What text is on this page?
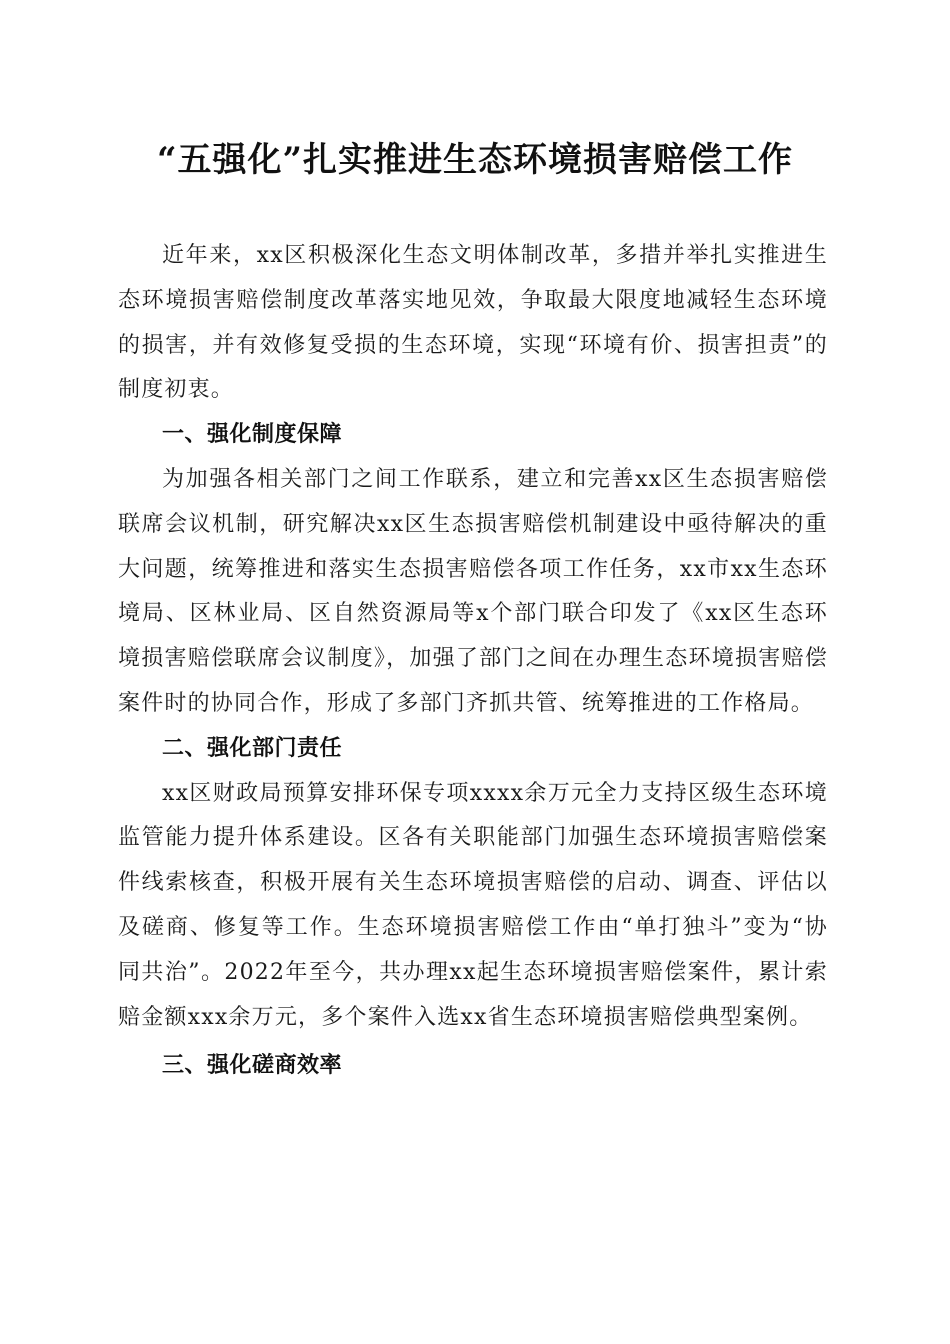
“五强化”扎实推进生态环境损害赔偿工作

近年来，xx区积极深化生态文明体制改革，多措并举扎实推进生态环境损害赔偿制度改革落实地见效，争取最大限度地减轻生态环境的损害，并有效修复受损的生态环境，实现“环境有价、损害担责”的制度初衷。

一、强化制度保障

为加强各相关部门之间工作联系，建立和完善xx区生态损害赔偿联席会议机制，研究解决xx区生态损害赔偿机制建设中亟待解决的重大问题，统筹推进和落实生态损害赔偿各项工作任务，xx市xx生态环境局、区林业局、区自然资源局等x个部门联合印发了《xx区生态环境损害赔偿联席会议制度》，加强了部门之间在办理生态环境损害赔偿案件时的协同合作，形成了多部门齐抓共管、统筹推进的工作格局。

二、强化部门责任

xx区财政局预算安排环保专项xxxx余万元全力支持区级生态环境监管能力提升体系建设。区各有关职能部门加强生态环境损害赔偿案件线索核查，积极开展有关生态环境损害赔偿的启动、调查、评估以及磋商、修复等工作。生态环境损害赔偿工作由“单打独斗”变为“协同共治”。2022年至今，共办理xx起生态环境损害赔偿案件，累计索赔金额xxx余万元，多个案件入选xx省生态环境损害赔偿典型案例。

三、强化磋商效率
